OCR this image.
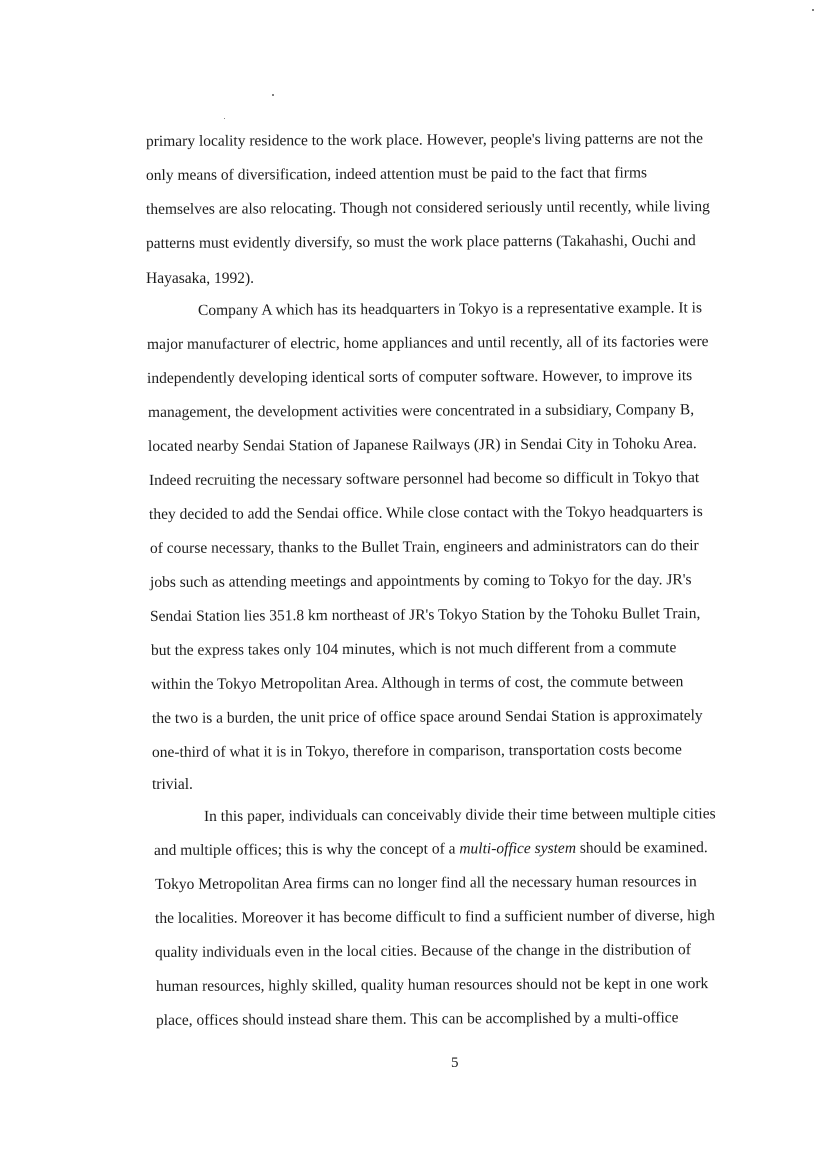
primary locality residence to the work place. However, people's living patterns are not the
only means of diversification, indeed attention must be paid to the fact that firms
themselves are also relocating. Though not considered seriously until recently, while living
patterns must evidently diversify, so must the work place patterns (Takahashi, Ouchi and
Hayasaka, 1992).
Company A which has its headquarters in Tokyo is a representative example. It is
major manufacturer of electric, home appliances and until recently, all of its factories were
independently developing identical sorts of computer software. However, to improve its
management, the development activities were concentrated in a subsidiary, Company B,
located nearby Sendai Station of Japanese Railways (JR) in Sendai City in Tohoku Area.
Indeed recruiting the necessary software personnel had become so difficult in Tokyo that
they decided to add the Sendai office. While close contact with the Tokyo headquarters is
of course necessary, thanks to the Bullet Train, engineers and administrators can do their
jobs such as attending meetings and appointments by coming to Tokyo for the day. JR's
Sendai Station lies 351.8 km northeast of JR's Tokyo Station by the Tohoku Bullet Train,
but the express takes only 104 minutes, which is not much different from a commute
within the Tokyo Metropolitan Area. Although in terms of cost, the commute between
the two is a burden, the unit price of office space around Sendai Station is approximately
one-third of what it is in Tokyo, therefore in comparison, transportation costs become
trivial.
In this paper, individuals can conceivably divide their time between multiple cities
and multiple offices; this is why the concept of a multi-office system should be examined.
Tokyo Metropolitan Area firms can no longer find all the necessary human resources in
the localities. Moreover it has become difficult to find a sufficient number of diverse, high
quality individuals even in the local cities. Because of the change in the distribution of
human resources, highly skilled, quality human resources should not be kept in one work
place, offices should instead share them. This can be accomplished by a multi-office
5
